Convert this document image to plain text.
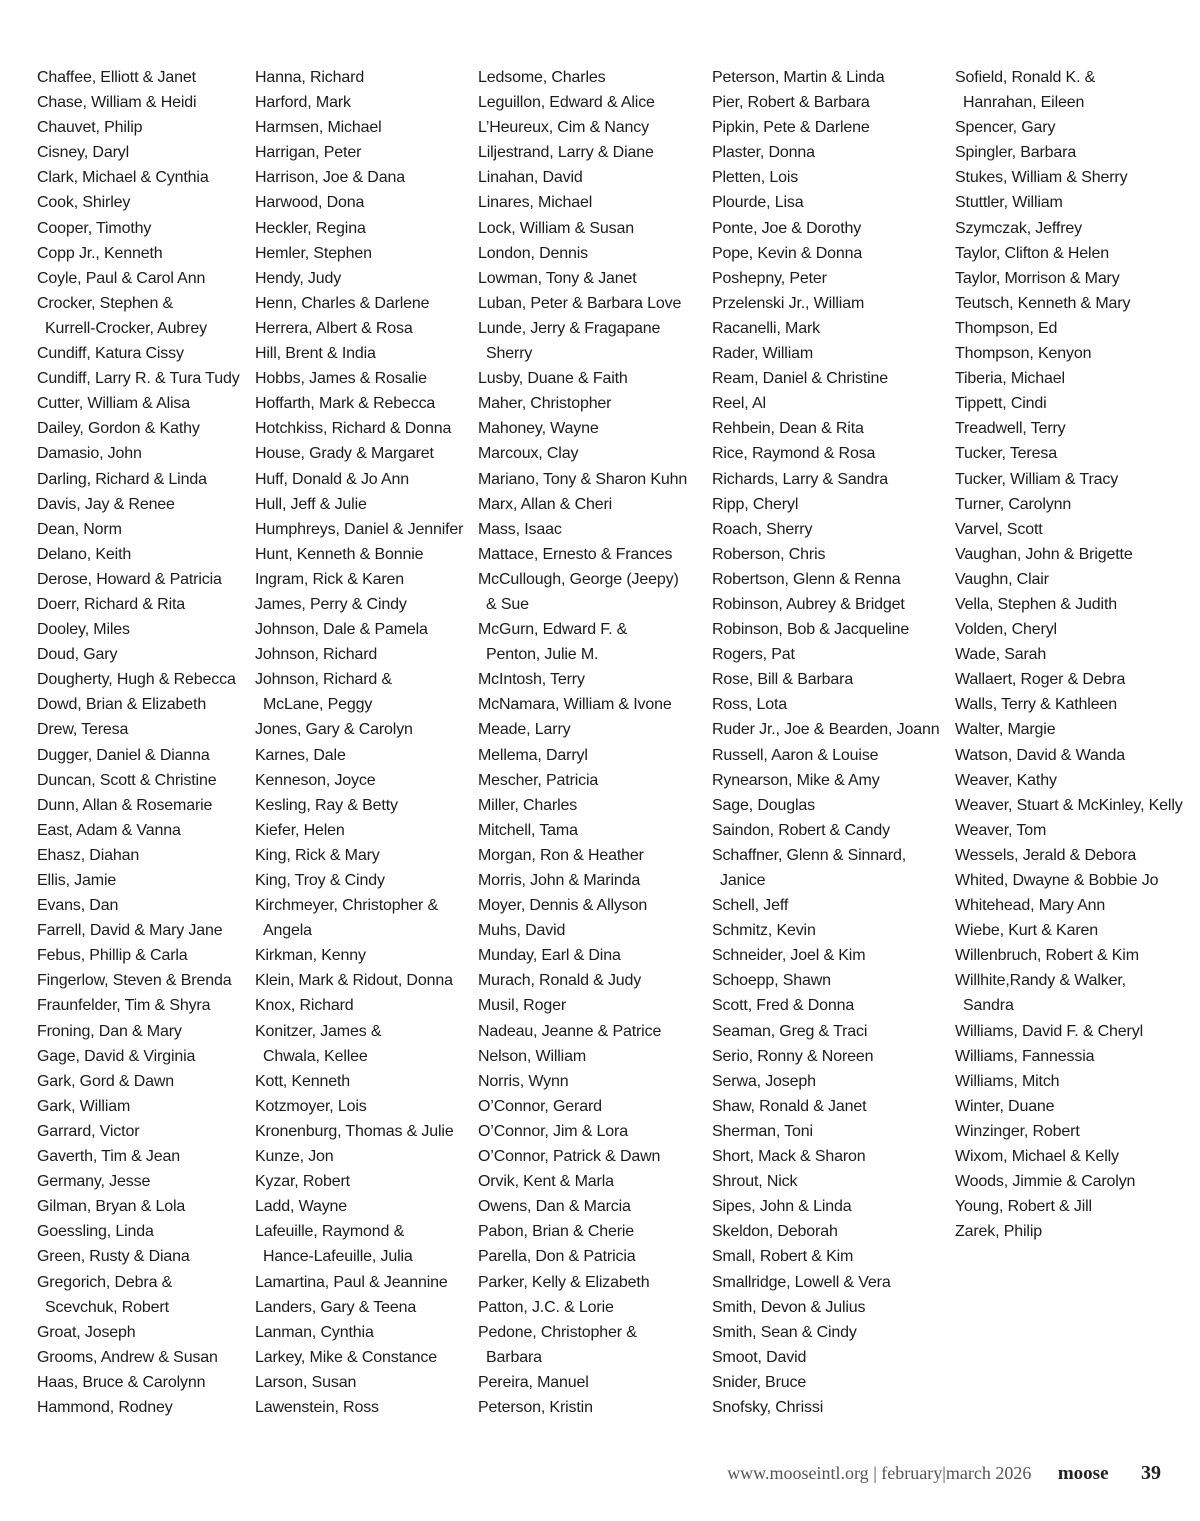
Chaffee, Elliott & Janet
Chase, William & Heidi
Chauvet, Philip
Cisney, Daryl
Clark, Michael & Cynthia
Cook, Shirley
Cooper, Timothy
Copp Jr., Kenneth
Coyle, Paul & Carol Ann
Crocker, Stephen &
Kurrell-Crocker, Aubrey
Cundiff, Katura Cissy
Cundiff, Larry R. & Tura Tudy
Cutter, William & Alisa
Dailey, Gordon & Kathy
Damasio, John
Darling, Richard & Linda
Davis, Jay & Renee
Dean, Norm
Delano, Keith
Derose, Howard & Patricia
Doerr, Richard & Rita
Dooley, Miles
Doud, Gary
Dougherty, Hugh & Rebecca
Dowd, Brian & Elizabeth
Drew, Teresa
Dugger, Daniel & Dianna
Duncan, Scott & Christine
Dunn, Allan & Rosemarie
East, Adam & Vanna
Ehasz, Diahan
Ellis, Jamie
Evans, Dan
Farrell, David & Mary Jane
Febus, Phillip & Carla
Fingerlow, Steven & Brenda
Fraunfelder, Tim & Shyra
Froning, Dan & Mary
Gage, David & Virginia
Gark, Gord & Dawn
Gark, William
Garrard, Victor
Gaverth, Tim & Jean
Germany, Jesse
Gilman, Bryan & Lola
Goessling, Linda
Green, Rusty & Diana
Gregorich, Debra &
Scevchuk, Robert
Groat, Joseph
Grooms, Andrew & Susan
Haas, Bruce & Carolynn
Hammond, Rodney
Hanna, Richard
Harford, Mark
Harmsen, Michael
Harrigan, Peter
Harrison, Joe & Dana
Harwood, Dona
Heckler, Regina
Hemler, Stephen
Hendy, Judy
Henn, Charles & Darlene
Herrera, Albert & Rosa
Hill, Brent & India
Hobbs, James & Rosalie
Hoffarth, Mark & Rebecca
Hotchkiss, Richard & Donna
House, Grady & Margaret
Huff, Donald & Jo Ann
Hull, Jeff & Julie
Humphreys, Daniel & Jennifer
Hunt, Kenneth & Bonnie
Ingram, Rick & Karen
James, Perry & Cindy
Johnson, Dale & Pamela
Johnson, Richard
Johnson, Richard &
McLane, Peggy
Jones, Gary & Carolyn
Karnes, Dale
Kenneson, Joyce
Kesling, Ray & Betty
Kiefer, Helen
King, Rick & Mary
King, Troy & Cindy
Kirchmeyer, Christopher &
Angela
Kirkman, Kenny
Klein, Mark & Ridout, Donna
Knox, Richard
Konitzer, James &
Chwala, Kellee
Kott, Kenneth
Kotzmoyer, Lois
Kronenburg, Thomas & Julie
Kunze, Jon
Kyzar, Robert
Ladd, Wayne
Lafeuille, Raymond &
Hance-Lafeuille, Julia
Lamartina, Paul & Jeannine
Landers, Gary & Teena
Lanman, Cynthia
Larkey, Mike & Constance
Larson, Susan
Lawenstein, Ross
Ledsome, Charles
Leguillon, Edward & Alice
L’Heureux, Cim & Nancy
Liljestrand, Larry & Diane
Linahan, David
Linares, Michael
Lock, William & Susan
London, Dennis
Lowman, Tony & Janet
Luban, Peter & Barbara Love
Lunde, Jerry & Fragapane
Sherry
Lusby, Duane & Faith
Maher, Christopher
Mahoney, Wayne
Marcoux, Clay
Mariano, Tony & Sharon Kuhn
Marx, Allan & Cheri
Mass, Isaac
Mattace, Ernesto & Frances
McCullough, George (Jeepy)
& Sue
McGurn, Edward F. &
Penton, Julie M.
McIntosh, Terry
McNamara, William & Ivone
Meade, Larry
Mellema, Darryl
Mescher, Patricia
Miller, Charles
Mitchell, Tama
Morgan, Ron & Heather
Morris, John & Marinda
Moyer, Dennis & Allyson
Muhs, David
Munday, Earl & Dina
Murach, Ronald & Judy
Musil, Roger
Nadeau, Jeanne & Patrice
Nelson, William
Norris, Wynn
O’Connor, Gerard
O’Connor, Jim & Lora
O’Connor, Patrick & Dawn
Orvik, Kent & Marla
Owens, Dan & Marcia
Pabon, Brian & Cherie
Parella, Don & Patricia
Parker, Kelly & Elizabeth
Patton, J.C. & Lorie
Pedone, Christopher &
Barbara
Pereira, Manuel
Peterson, Kristin
Peterson, Martin & Linda
Pier, Robert & Barbara
Pipkin, Pete & Darlene
Plaster, Donna
Pletten, Lois
Plourde, Lisa
Ponte, Joe & Dorothy
Pope, Kevin & Donna
Poshepny, Peter
Przelenski Jr., William
Racanelli, Mark
Rader, William
Ream, Daniel & Christine
Reel, Al
Rehbein, Dean & Rita
Rice, Raymond & Rosa
Richards, Larry & Sandra
Ripp, Cheryl
Roach, Sherry
Roberson, Chris
Robertson, Glenn & Renna
Robinson, Aubrey & Bridget
Robinson, Bob & Jacqueline
Rogers, Pat
Rose, Bill & Barbara
Ross, Lota
Ruder Jr., Joe & Bearden, Joann
Russell, Aaron & Louise
Rynearson, Mike & Amy
Sage, Douglas
Saindon, Robert & Candy
Schaffner, Glenn & Sinnard,
Janice
Schell, Jeff
Schmitz, Kevin
Schneider, Joel & Kim
Schoepp, Shawn
Scott, Fred & Donna
Seaman, Greg & Traci
Serio, Ronny & Noreen
Serwa, Joseph
Shaw, Ronald & Janet
Sherman, Toni
Short, Mack & Sharon
Shrout, Nick
Sipes, John & Linda
Skeldon, Deborah
Small, Robert & Kim
Smallridge, Lowell & Vera
Smith, Devon & Julius
Smith, Sean & Cindy
Smoot, David
Snider, Bruce
Snofsky, Chrissi
Sofield, Ronald K. &
Hanrahan, Eileen
Spencer, Gary
Spingler, Barbara
Stukes, William & Sherry
Stuttler, William
Szymczak, Jeffrey
Taylor, Clifton & Helen
Taylor, Morrison & Mary
Teutsch, Kenneth & Mary
Thompson, Ed
Thompson, Kenyon
Tiberia, Michael
Tippett, Cindi
Treadwell, Terry
Tucker, Teresa
Tucker, William & Tracy
Turner, Carolynn
Varvel, Scott
Vaughan, John & Brigette
Vaughn, Clair
Vella, Stephen & Judith
Volden, Cheryl
Wade, Sarah
Wallaert, Roger & Debra
Walls, Terry & Kathleen
Walter, Margie
Watson, David & Wanda
Weaver, Kathy
Weaver, Stuart & McKinley, Kelly
Weaver, Tom
Wessels, Jerald & Debora
Whited, Dwayne & Bobbie Jo
Whitehead, Mary Ann
Wiebe, Kurt & Karen
Willenbruch, Robert & Kim
Willhite,Randy & Walker,
Sandra
Williams, David F. & Cheryl
Williams, Fannessia
Williams, Mitch
Winter, Duane
Winzinger, Robert
Wixom, Michael & Kelly
Woods, Jimmie & Carolyn
Young, Robert & Jill
Zarek, Philip
www.mooseintl.org | february|march 2026 moose 39
